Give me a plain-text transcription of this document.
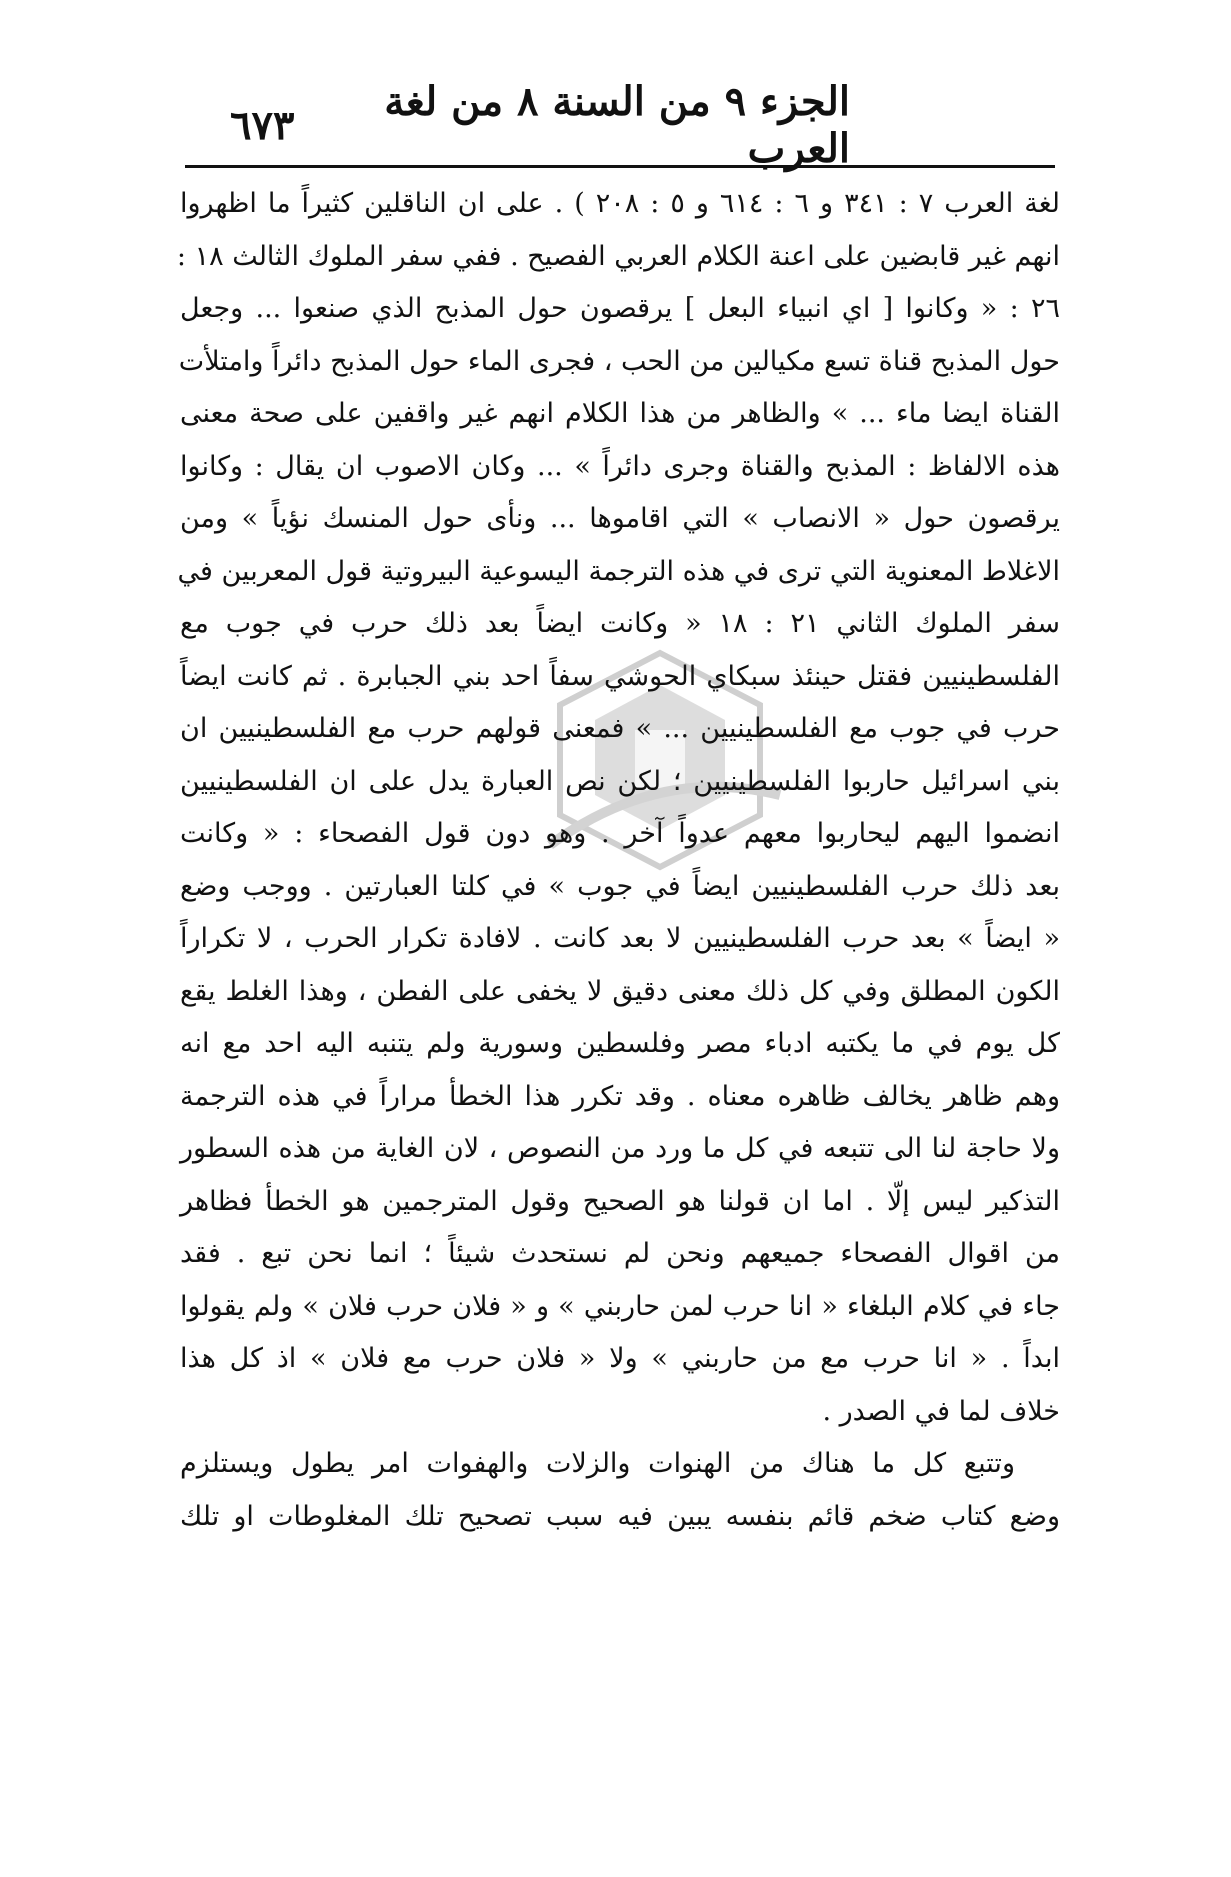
الجزء ٩ من السنة ٨ من لغة العرب
٦٧٣
لغة العرب ٧ : ٣٤١ و ٦ : ٦١٤ و ٥ : ٢٠٨ ) . على ان الناقلين كثيراً ما اظهروا
انهم غير قابضين على اعنة الكلام العربي الفصيح . ففي سفر الملوك الثالث ١٨ :
٢٦ : « وكانوا [ اي انبياء البعل ] يرقصون حول المذبح الذي صنعوا ... وجعل
حول المذبح قناة تسع مكيالين من الحب ، فجرى الماء حول المذبح دائراً وامتلأت
القناة ايضا ماء ... » والظاهر من هذا الكلام انهم غير واقفين على صحة معنى
هذه الالفاظ : المذبح والقناة وجرى دائراً » ... وكان الاصوب ان يقال : وكانوا
يرقصون حول « الانصاب » التي اقاموها ... ونأى حول المنسك نؤياً » ومن
الاغلاط المعنوية التي ترى في هذه الترجمة اليسوعية البيروتية قول المعربين في
سفر الملوك الثاني ٢١ : ١٨ « وكانت ايضاً بعد ذلك حرب في جوب مع
الفلسطينيين فقتل حينئذ سبكاي الحوشي سفاً احد بني الجبابرة . ثم كانت ايضاً
حرب في جوب مع الفلسطينيين ... » فمعنى قولهم حرب مع الفلسطينيين ان
بني اسرائيل حاربوا الفلسطينيين ؛ لكن نص العبارة يدل على ان الفلسطينيين
انضموا اليهم ليحاربوا معهم عدواً آخر . وهو دون قول الفصحاء : « وكانت
بعد ذلك حرب الفلسطينيين ايضاً في جوب » في كلتا العبارتين . ووجب وضع
« ايضاً » بعد حرب الفلسطينيين لا بعد كانت . لافادة تكرار الحرب ، لا تكراراً
الكون المطلق وفي كل ذلك معنى دقيق لا يخفى على الفطن ، وهذا الغلط يقع
كل يوم في ما يكتبه ادباء مصر وفلسطين وسورية ولم يتنبه اليه احد مع انه
وهم ظاهر يخالف ظاهره معناه . وقد تكرر هذا الخطأ مراراً في هذه الترجمة
ولا حاجة لنا الى تتبعه في كل ما ورد من النصوص ، لان الغاية من هذه السطور
التذكير ليس إلّا . اما ان قولنا هو الصحيح وقول المترجمين هو الخطأ فظاهر
من اقوال الفصحاء جميعهم ونحن لم نستحدث شيئاً ؛ انما نحن تبع . فقد
جاء في كلام البلغاء « انا حرب لمن حاربني » و « فلان حرب فلان » ولم يقولوا
ابداً . « انا حرب مع من حاربني » ولا « فلان حرب مع فلان » اذ كل هذا
خلاف لما في الصدر .
وتتبع كل ما هناك من الهنوات والزلات والهفوات امر يطول ويستلزم
وضع كتاب ضخم قائم بنفسه يبين فيه سبب تصحيح تلك المغلوطات او تلك
